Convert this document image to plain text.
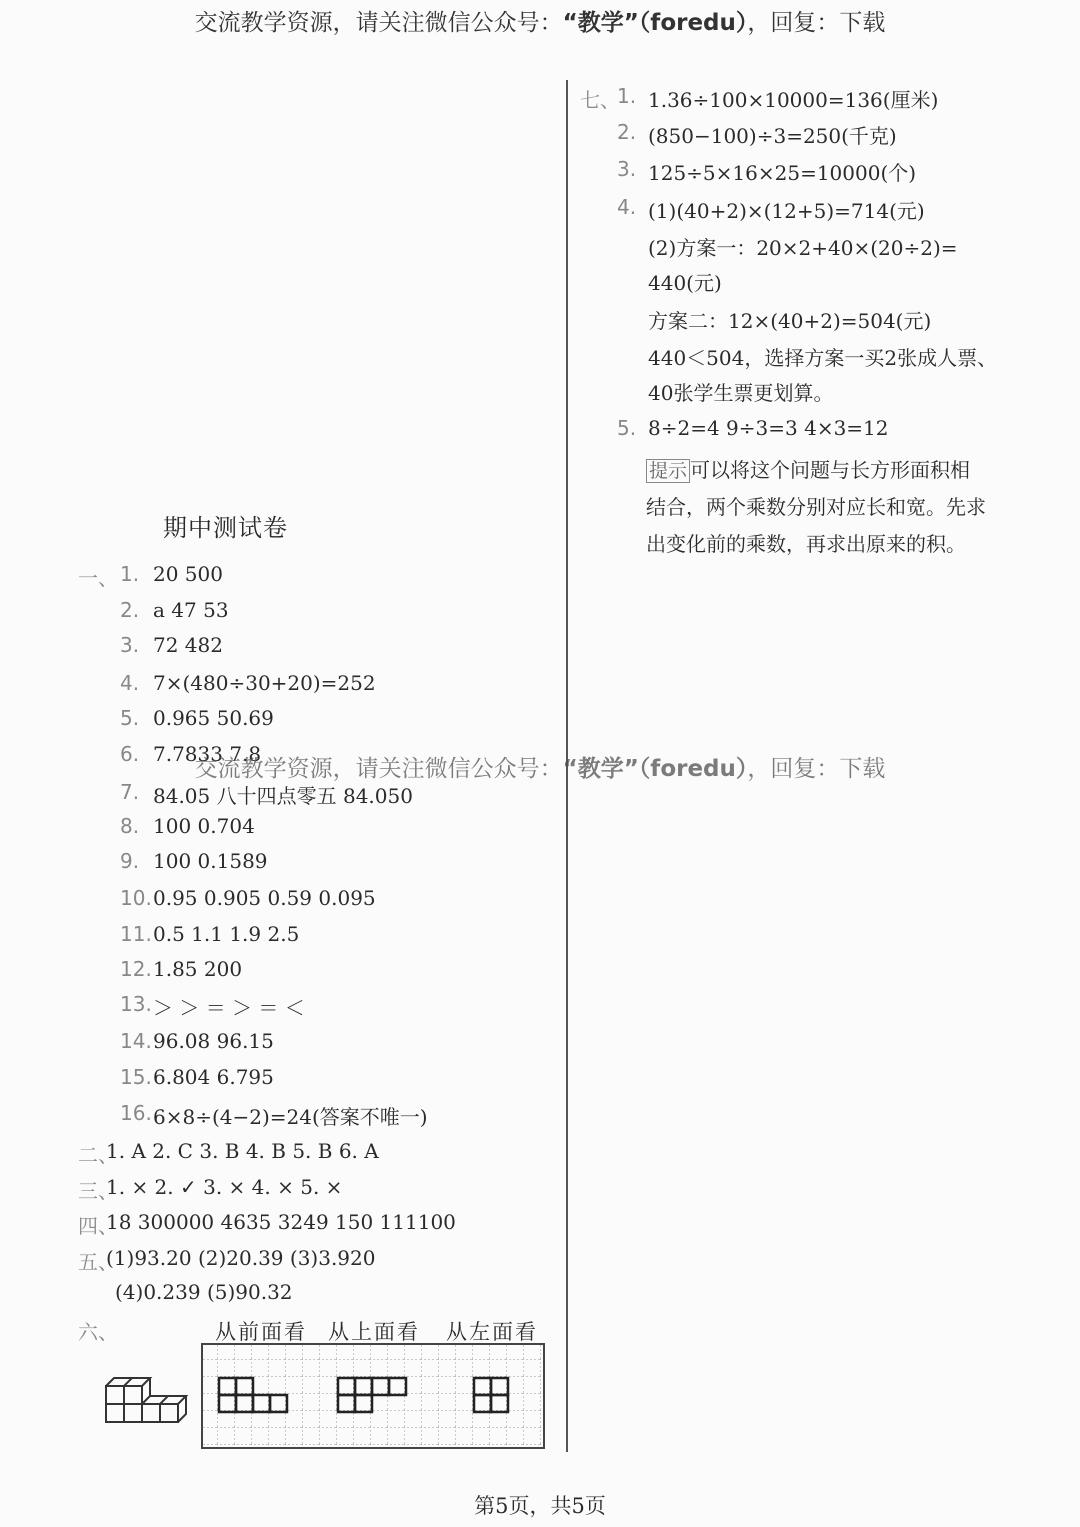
交流教学资源，请关注微信公众号：“教学”（foredu），回复：下载
期中测试卷
一、 1. 20 500
2. a 47 53
3. 72 482
4. 7×(480÷30+20)=252
5. 0.965 50.69
6. 7.7833 7.8
7. 84.05 八十四点零五 84.050
8. 100 0.704
9. 100 0.1589
10. 0.95 0.905 0.59 0.095
11. 0.5 1.1 1.9 2.5
12. 1.85 200
13. ＞ ＞ ＝ ＞ ＝ ＜
14. 96.08 96.15
15. 6.804 6.795
16. 6×8÷(4−2)=24(答案不唯一)
二、
1. A 2. C 3. B 4. B 5. B 6. A
三、
1. × 2. ✓ 3. × 4. × 5. ×
四、
18 300000 4635 3249 150 111100
五、
(1)93.20 (2)20.39 (3)3.920
(4)0.239 (5)90.32
六、	从前面看 从上面看 从左面看
七、
1. 1.36÷100×10000=136(厘米)
2. (850−100)÷3=250(千克)
3. 125÷5×16×25=10000(个)
4. (1)(40+2)×(12+5)=714(元)
(2)方案一：20×2+40×(20÷2)=
440(元)
方案二：12×(40+2)=504(元)
440＜504，选择方案一买2张成人票、
40张学生票更划算。
5. 8÷2=4 9÷3=3 4×3=12
提示 可以将这个问题与长方形面积相
结合，两个乘数分别对应长和宽。先求
出变化前的乘数，再求出原来的积。
交流教学资源，请关注微信公众号：“教学”（foredu），回复：下载
第5页，共5页
